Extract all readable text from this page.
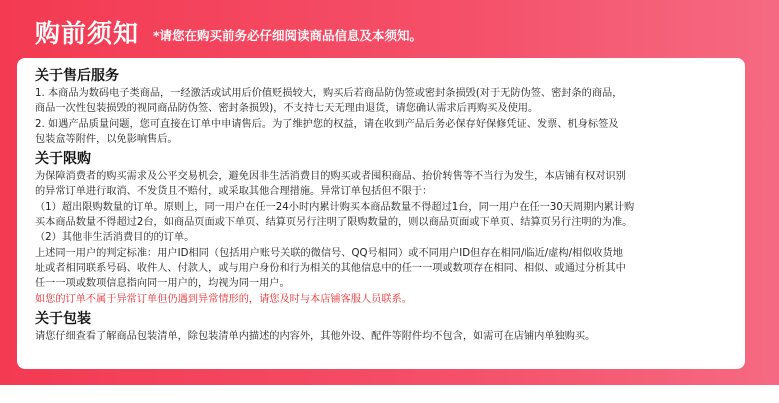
购前须知 *请您在购买前务必仔细阅读商品信息及本须知。
关于售后服务
1. 本商品为数码电子类商品，一经激活或试用后价值贬损较大，购买后若商品防伪签或密封条损毁(对于无防伪签、密封条的商品，
商品一次性包装损毁的视同商品防伪签、密封条损毁)，不支持七天无理由退货，请您确认需求后再购买及使用。
2. 如遇产品质量问题，您可直接在订单中申请售后。为了维护您的权益，请在收到产品后务必保存好保修凭证、发票、机身标签及
包装盒等附件，以免影响售后。
关于限购
为保障消费者的购买需求及公平交易机会，避免因非生活消费目的购买或者囤积商品、抬价转售等不当行为发生，本店铺有权对识别
的异常订单进行取消、不发货且不赔付，或采取其他合理措施。异常订单包括但不限于：
（1）超出限购数量的订单。原则上，同一用户在任一24小时内累计购买本商品数量不得超过1台，同一用户在任一30天周期内累计购
买本商品数量不得超过2台，如商品页面或下单页、结算页另行注明了限购数量的，则以商品页面或下单页、结算页另行注明的为准。
（2）其他非生活消费目的的订单。
上述同一用户的判定标准：用户ID相同（包括用户账号关联的微信号、QQ号相同）或不同用户ID但存在相同/临近/虚构/相似收货地
址或者相同联系号码、收件人、付款人，或与用户身份和行为相关的其他信息中的任一一项或数项存在相同、相似、或通过分析其中
任一一项或数项信息指向同一用户的，均视为同一用户。
如您的订单不属于异常订单但仍遇到异常情形的，请您及时与本店铺客服人员联系。
关于包装
请您仔细查看了解商品包装清单，除包装清单内描述的内容外，其他外设、配件等附件均不包含，如需可在店铺内单独购买。
